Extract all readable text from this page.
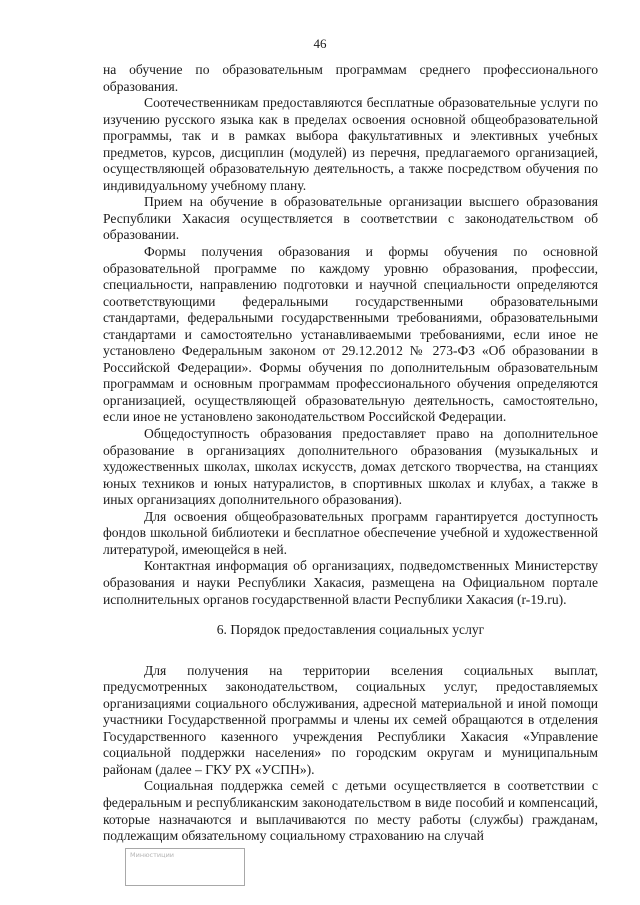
46

на обучение по образовательным программам среднего профессионального образования.

Соотечественникам предоставляются бесплатные образовательные услуги по изучению русского языка как в пределах освоения основной общеобразовательной программы, так и в рамках выбора факультативных и элективных учебных предметов, курсов, дисциплин (модулей) из перечня, предлагаемого организацией, осуществляющей образовательную деятельность, а также посредством обучения по индивидуальному учебному плану.

Прием на обучение в образовательные организации высшего образования Республики Хакасия осуществляется в соответствии с законодательством об образовании.

Формы получения образования и формы обучения по основной образовательной программе по каждому уровню образования, профессии, специальности, направлению подготовки и научной специальности определяются соответствующими федеральными государственными образовательными стандартами, федеральными государственными требованиями, образовательными стандартами и самостоятельно устанавливаемыми требованиями, если иное не установлено Федеральным законом от 29.12.2012 № 273-ФЗ «Об образовании в Российской Федерации». Формы обучения по дополнительным образовательным программам и основным программам профессионального обучения определяются организацией, осуществляющей образовательную деятельность, самостоятельно, если иное не установлено законодательством Российской Федерации.

Общедоступность образования предоставляет право на дополнительное образование в организациях дополнительного образования (музыкальных и художественных школах, школах искусств, домах детского творчества, на станциях юных техников и юных натуралистов, в спортивных школах и клубах, а также в иных организациях дополнительного образования).

Для освоения общеобразовательных программ гарантируется доступность фондов школьной библиотеки и бесплатное обеспечение учебной и художественной литературой, имеющейся в ней.

Контактная информация об организациях, подведомственных Министерству образования и науки Республики Хакасия, размещена на Официальном портале исполнительных органов государственной власти Республики Хакасия (r-19.ru).

6. Порядок предоставления социальных услуг

Для получения на территории вселения социальных выплат, предусмотренных законодательством, социальных услуг, предоставляемых организациями социального обслуживания, адресной материальной и иной помощи участники Государственной программы и члены их семей обращаются в отделения Государственного казенного учреждения Республики Хакасия «Управление социальной поддержки населения» по городским округам и муниципальным районам (далее – ГКУ РХ «УСПН»).

Социальная поддержка семей с детьми осуществляется в соответствии с федеральным и республиканским законодательством в виде пособий и компенсаций, которые назначаются и выплачиваются по месту работы (службы) гражданам, подлежащим обязательному социальному страхованию на случай

Минюстиции
